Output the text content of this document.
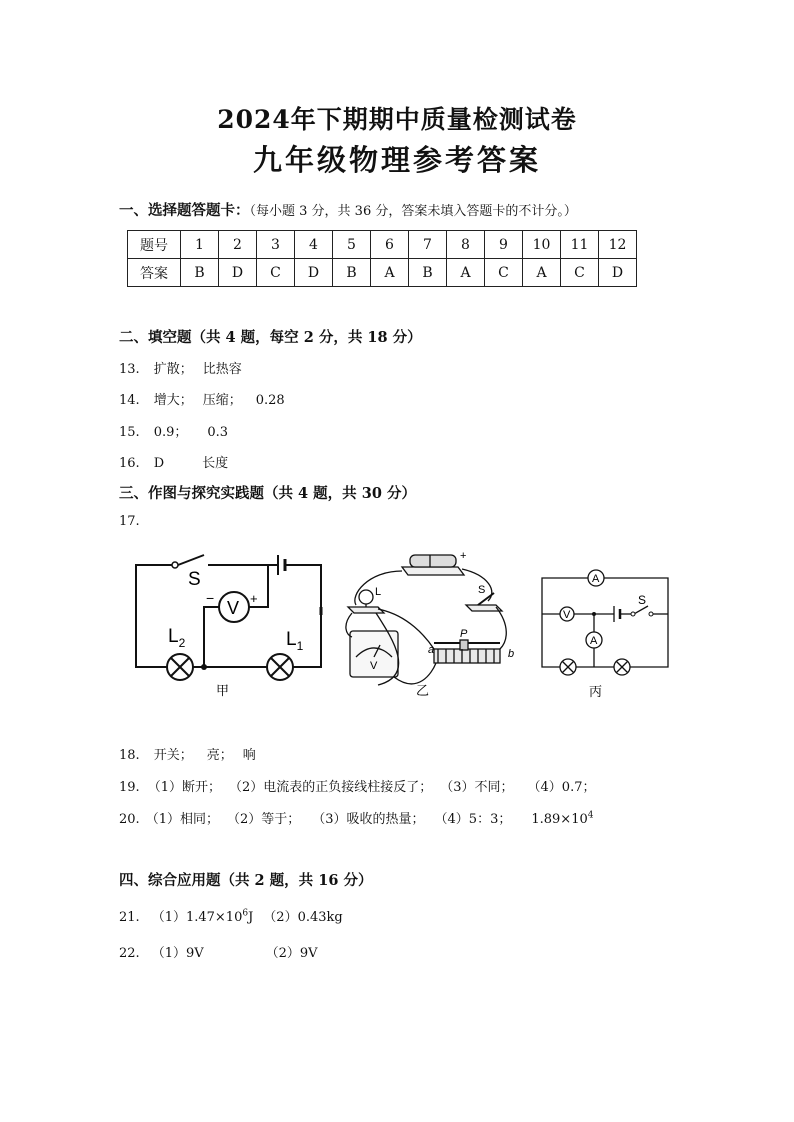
2024年下期期中质量检测试卷
九年级物理参考答案
一、选择题答题卡：（每小题 3 分，共 36 分，答案未填入答题卡的不计分。）
题号	1	2	3	4	5	6	7	8	9	10	11	12
答案	B	D	C	D	B	A	B	A	C	A	C	D
二、填空题（共 4 题，每空 2 分，共 18 分）
13. 扩散； 比热容
14. 增大； 压缩； 0.28
15. 0.9； 0.3
16. D	长度
三、作图与探究实践题（共 4 题，共 30 分）
17.
S
V
−	+
$L_2$	$L_1$
甲
+
L	S
P
a	b
V
乙
A
V
A
S
丙
18. 开关； 亮； 响
19. （1）断开； （2）电流表的正负接线柱接反了； （3）不同； （4）0.7；
20. （1）相同； （2）等于； （3）吸收的热量； （4）5：3； $1.89\times 10^4$
四、综合应用题（共 2 题，共 16 分）
21. $(1)1.47\times 10^6J$ （2）0.43kg
22. （1）9V	（2）9V
